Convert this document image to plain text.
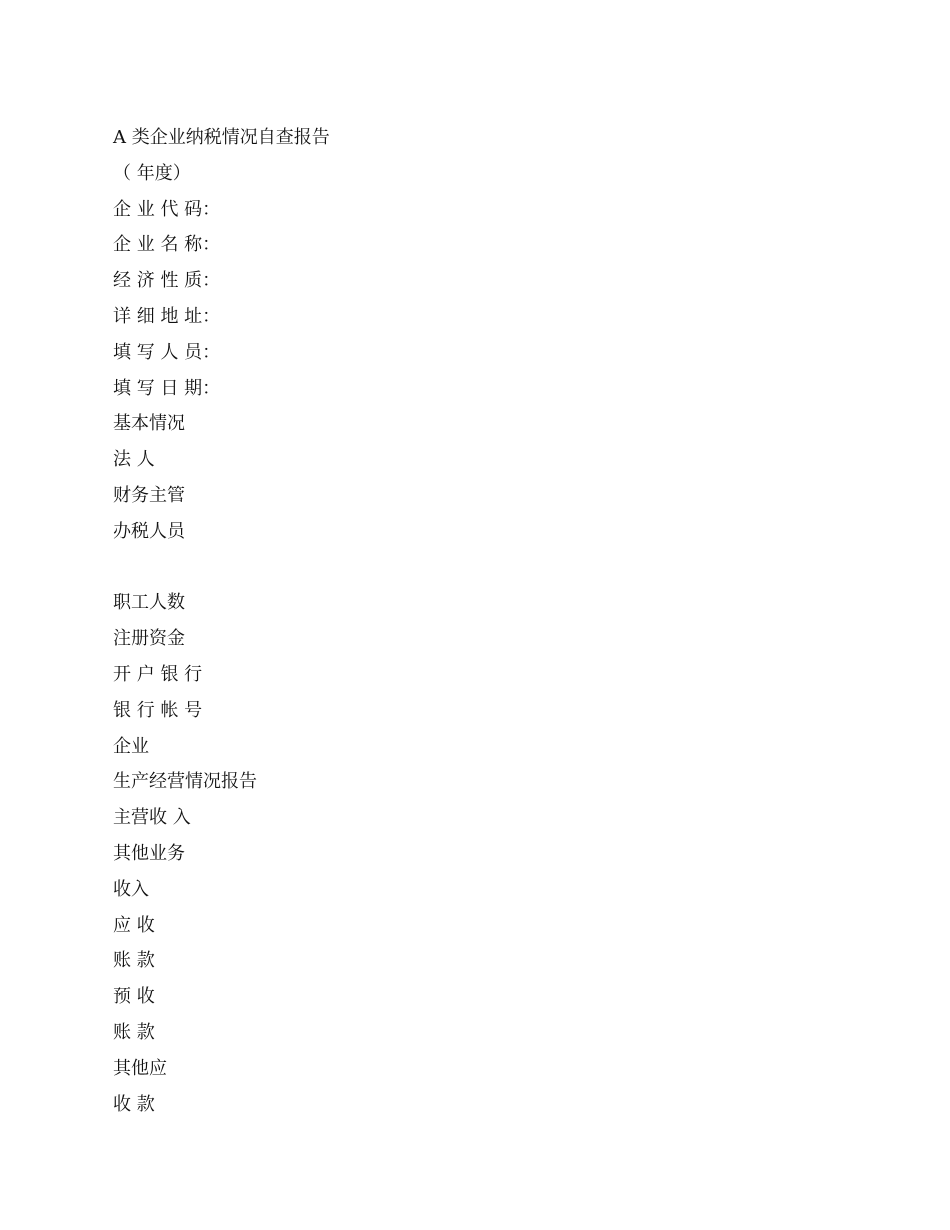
A 类企业纳税情况自查报告
（ 年度）
企 业 代 码：
企 业 名 称：
经 济 性 质：
详 细 地 址：
填 写 人 员：
填 写 日 期：
基本情况
法 人
财务主管
办税人员
职工人数
注册资金
开 户 银 行
银 行 帐 号
企业
生产经营情况报告
主营收 入
其他业务
收入
应 收
账 款
预 收
账 款
其他应
收 款
